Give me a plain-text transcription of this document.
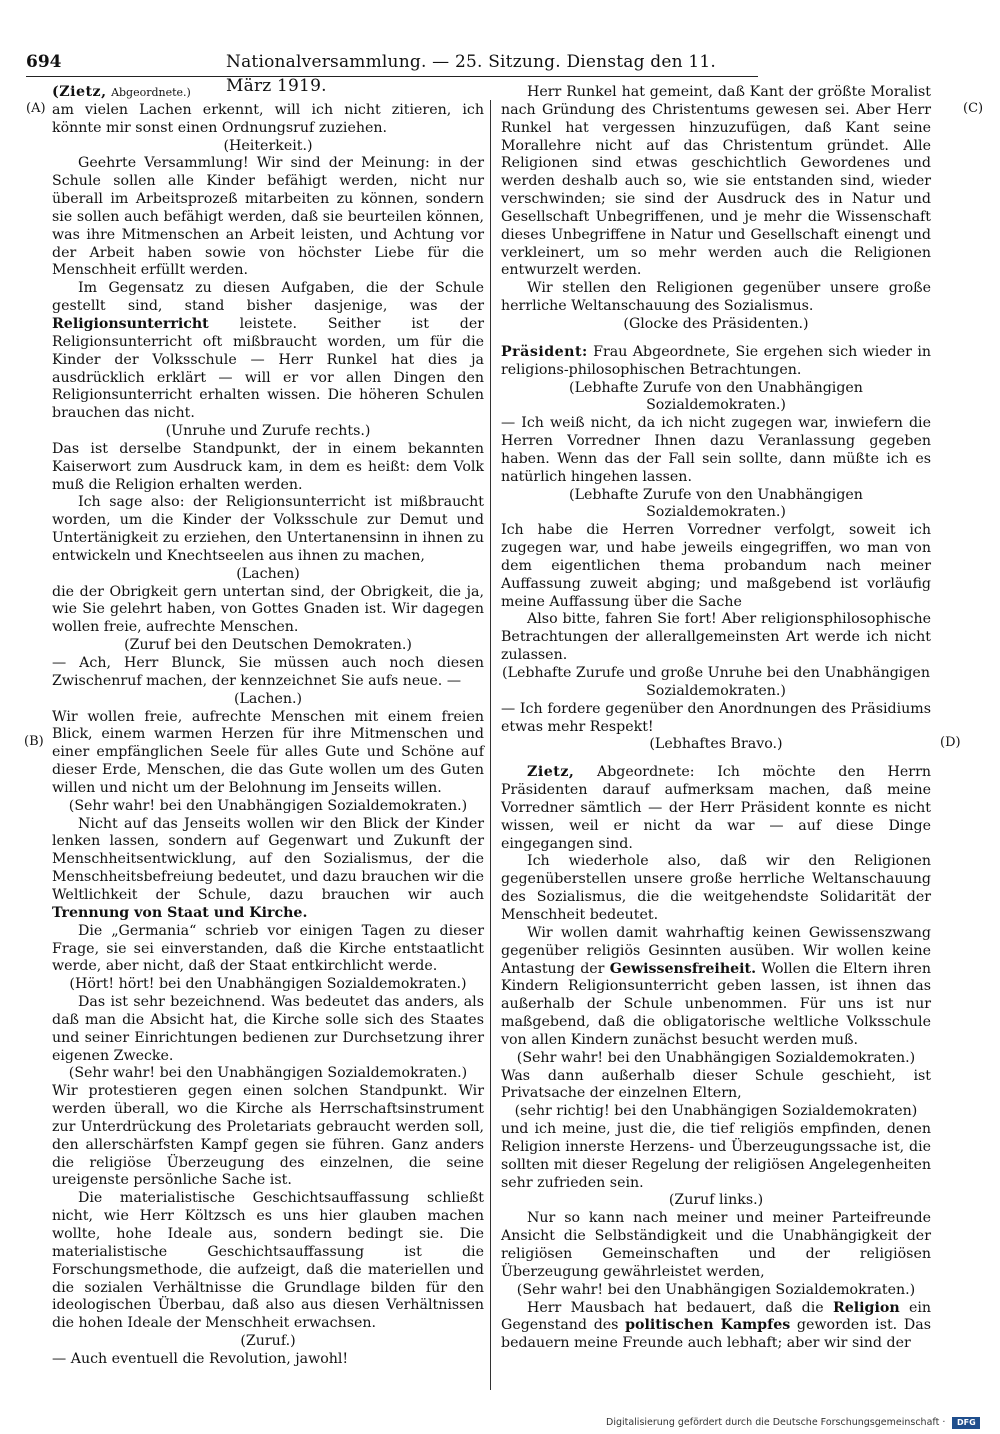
694	Nationalversammlung. — 25. Sitzung. Dienstag den 11. März 1919.
(A)
(B)
(C)
(D)

(Zietz, Abgeordnete.)

am vielen Lachen erkennt, will ich nicht zitieren, ich könnte mir sonst einen Ordnungsruf zuziehen.

(Heiterkeit.)

Geehrte Versammlung! Wir sind der Meinung: in der Schule sollen alle Kinder befähigt werden, nicht nur überall im Arbeitsprozeß mitarbeiten zu können, sondern sie sollen auch befähigt werden, daß sie beurteilen können, was ihre Mitmenschen an Arbeit leisten, und Achtung vor der Arbeit haben sowie von höchster Liebe für die Menschheit erfüllt werden.

Im Gegensatz zu diesen Aufgaben, die der Schule gestellt sind, stand bisher dasjenige, was der Religionsunterricht leistete. Seither ist der Religionsunterricht oft mißbraucht worden, um für die Kinder der Volksschule — Herr Runkel hat dies ja ausdrücklich erklärt — will er vor allen Dingen den Religionsunterricht erhalten wissen. Die höheren Schulen brauchen das nicht.

(Unruhe und Zurufe rechts.)

Das ist derselbe Standpunkt, der in einem bekannten Kaiserwort zum Ausdruck kam, in dem es heißt: dem Volk muß die Religion erhalten werden.

Ich sage also: der Religionsunterricht ist mißbraucht worden, um die Kinder der Volksschule zur Demut und Untertänigkeit zu erziehen, den Untertanensinn in ihnen zu entwickeln und Knechtseelen aus ihnen zu machen,

(Lachen)

die der Obrigkeit gern untertan sind, der Obrigkeit, die ja, wie Sie gelehrt haben, von Gottes Gnaden ist. Wir dagegen wollen freie, aufrechte Menschen.

(Zuruf bei den Deutschen Demokraten.)

— Ach, Herr Blunck, Sie müssen auch noch diesen Zwischenruf machen, der kennzeichnet Sie aufs neue. —

(Lachen.)

Wir wollen freie, aufrechte Menschen mit einem freien Blick, einem warmen Herzen für ihre Mitmenschen und einer empfänglichen Seele für alles Gute und Schöne auf dieser Erde, Menschen, die das Gute wollen um des Guten willen und nicht um der Belohnung im Jenseits willen.

(Sehr wahr! bei den Unabhängigen Sozialdemokraten.)

Nicht auf das Jenseits wollen wir den Blick der Kinder lenken lassen, sondern auf Gegenwart und Zukunft der Menschheitsentwicklung, auf den Sozialismus, der die Menschheitsbefreiung bedeutet, und dazu brauchen wir die Weltlichkeit der Schule, dazu brauchen wir auch Trennung von Staat und Kirche.

Die „Germania“ schrieb vor einigen Tagen zu dieser Frage, sie sei einverstanden, daß die Kirche entstaatlicht werde, aber nicht, daß der Staat entkirchlicht werde.

(Hört! hört! bei den Unabhängigen Sozialdemokraten.)

Das ist sehr bezeichnend. Was bedeutet das anders, als daß man die Absicht hat, die Kirche solle sich des Staates und seiner Einrichtungen bedienen zur Durchsetzung ihrer eigenen Zwecke.

(Sehr wahr! bei den Unabhängigen Sozialdemokraten.)

Wir protestieren gegen einen solchen Standpunkt. Wir werden überall, wo die Kirche als Herrschaftsinstrument zur Unterdrückung des Proletariats gebraucht werden soll, den allerschärfsten Kampf gegen sie führen. Ganz anders die religiöse Überzeugung des einzelnen, die seine ureigenste persönliche Sache ist.

Die materialistische Geschichtsauffassung schließt nicht, wie Herr Költzsch es uns hier glauben machen wollte, hohe Ideale aus, sondern bedingt sie. Die materialistische Geschichtsauffassung ist die Forschungsmethode, die aufzeigt, daß die materiellen und die sozialen Verhältnisse die Grundlage bilden für den ideologischen Überbau, daß also aus diesen Verhältnissen die hohen Ideale der Menschheit erwachsen.

(Zuruf.)

— Auch eventuell die Revolution, jawohl!

Herr Runkel hat gemeint, daß Kant der größte Moralist nach Gründung des Christentums gewesen sei. Aber Herr Runkel hat vergessen hinzuzufügen, daß Kant seine Morallehre nicht auf das Christentum gründet. Alle Religionen sind etwas geschichtlich Gewordenes und werden deshalb auch so, wie sie entstanden sind, wieder verschwinden; sie sind der Ausdruck des in Natur und Gesellschaft Unbegriffenen, und je mehr die Wissenschaft dieses Unbegriffene in Natur und Gesellschaft einengt und verkleinert, um so mehr werden auch die Religionen entwurzelt werden.

Wir stellen den Religionen gegenüber unsere große herrliche Weltanschauung des Sozialismus.

(Glocke des Präsidenten.)

Präsident: Frau Abgeordnete, Sie ergehen sich wieder in religions-philosophischen Betrachtungen.

(Lebhafte Zurufe von den Unabhängigen Sozialdemokraten.)

— Ich weiß nicht, da ich nicht zugegen war, inwiefern die Herren Vorredner Ihnen dazu Veranlassung gegeben haben. Wenn das der Fall sein sollte, dann müßte ich es natürlich hingehen lassen.

(Lebhafte Zurufe von den Unabhängigen Sozialdemokraten.)

Ich habe die Herren Vorredner verfolgt, soweit ich zugegen war, und habe jeweils eingegriffen, wo man von dem eigentlichen thema probandum nach meiner Auffassung zuweit abging; und maßgebend ist vorläufig meine Auffassung über die Sache

Also bitte, fahren Sie fort! Aber religionsphilosophische Betrachtungen der allerallgemeinsten Art werde ich nicht zulassen.

(Lebhafte Zurufe und große Unruhe bei den Unabhängigen Sozialdemokraten.)

— Ich fordere gegenüber den Anordnungen des Präsidiums etwas mehr Respekt!

(Lebhaftes Bravo.)

Zietz, Abgeordnete: Ich möchte den Herrn Präsidenten darauf aufmerksam machen, daß meine Vorredner sämtlich — der Herr Präsident konnte es nicht wissen, weil er nicht da war — auf diese Dinge eingegangen sind.

Ich wiederhole also, daß wir den Religionen gegenüberstellen unsere große herrliche Weltanschauung des Sozialismus, die die weitgehendste Solidarität der Menschheit bedeutet.

Wir wollen damit wahrhaftig keinen Gewissenszwang gegenüber religiös Gesinnten ausüben. Wir wollen keine Antastung der Gewissensfreiheit. Wollen die Eltern ihren Kindern Religionsunterricht geben lassen, ist ihnen das außerhalb der Schule unbenommen. Für uns ist nur maßgebend, daß die obligatorische weltliche Volksschule von allen Kindern zunächst besucht werden muß.

(Sehr wahr! bei den Unabhängigen Sozialdemokraten.)

Was dann außerhalb dieser Schule geschieht, ist Privatsache der einzelnen Eltern,

(sehr richtig! bei den Unabhängigen Sozialdemokraten)

und ich meine, just die, die tief religiös empfinden, denen Religion innerste Herzens- und Überzeugungssache ist, die sollten mit dieser Regelung der religiösen Angelegenheiten sehr zufrieden sein.

(Zuruf links.)

Nur so kann nach meiner und meiner Parteifreunde Ansicht die Selbständigkeit und die Unabhängigkeit der religiösen Gemeinschaften und der religiösen Überzeugung gewährleistet werden,

(Sehr wahr! bei den Unabhängigen Sozialdemokraten.)

Herr Mausbach hat bedauert, daß die Religion ein Gegenstand des politischen Kampfes geworden ist. Das bedauern meine Freunde auch lebhaft; aber wir sind der

Digitalisierung gefördert durch die Deutsche Forschungsgemeinschaft · DFG
